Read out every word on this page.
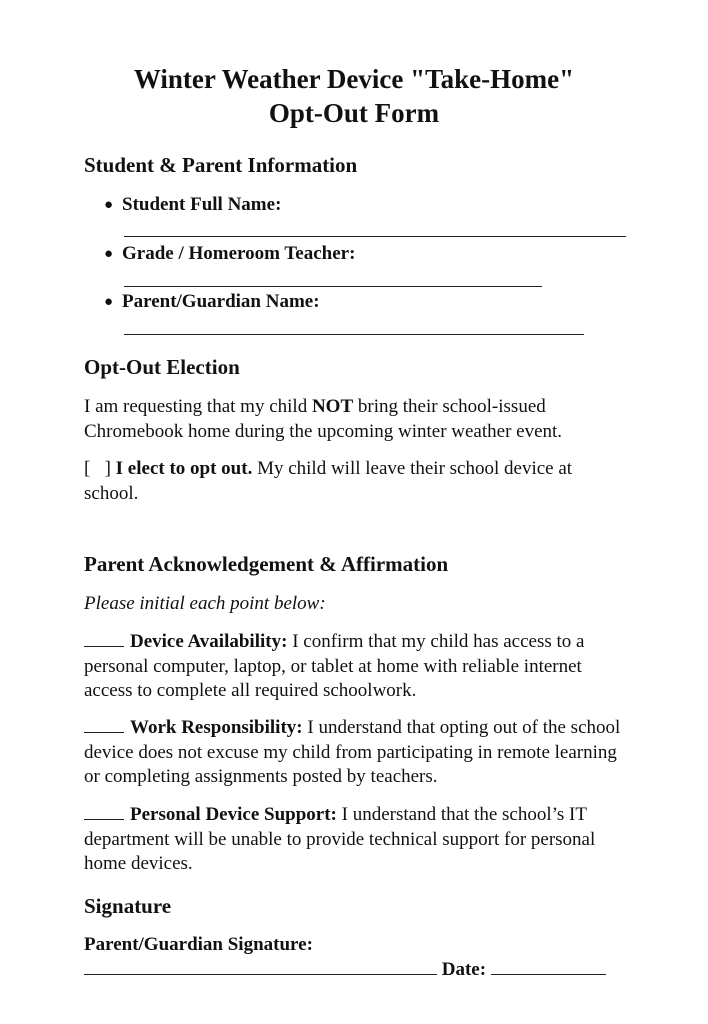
Winter Weather Device "Take-Home"
Opt-Out Form
Student & Parent Information
● Student Full Name:
● Grade / Homeroom Teacher:
● Parent/Guardian Name:
Opt-Out Election
I am requesting that my child NOT bring their school-issued Chromebook home during the upcoming winter weather event.
[   ] I elect to opt out. My child will leave their school device at school.
Parent Acknowledgement & Affirmation
Please initial each point below:
Device Availability: I confirm that my child has access to a personal computer, laptop, or tablet at home with reliable internet access to complete all required schoolwork.
Work Responsibility: I understand that opting out of the school device does not excuse my child from participating in remote learning or completing assignments posted by teachers.
Personal Device Support: I understand that the school’s IT department will be unable to provide technical support for personal home devices.
Signature
Parent/Guardian Signature:
Date:
